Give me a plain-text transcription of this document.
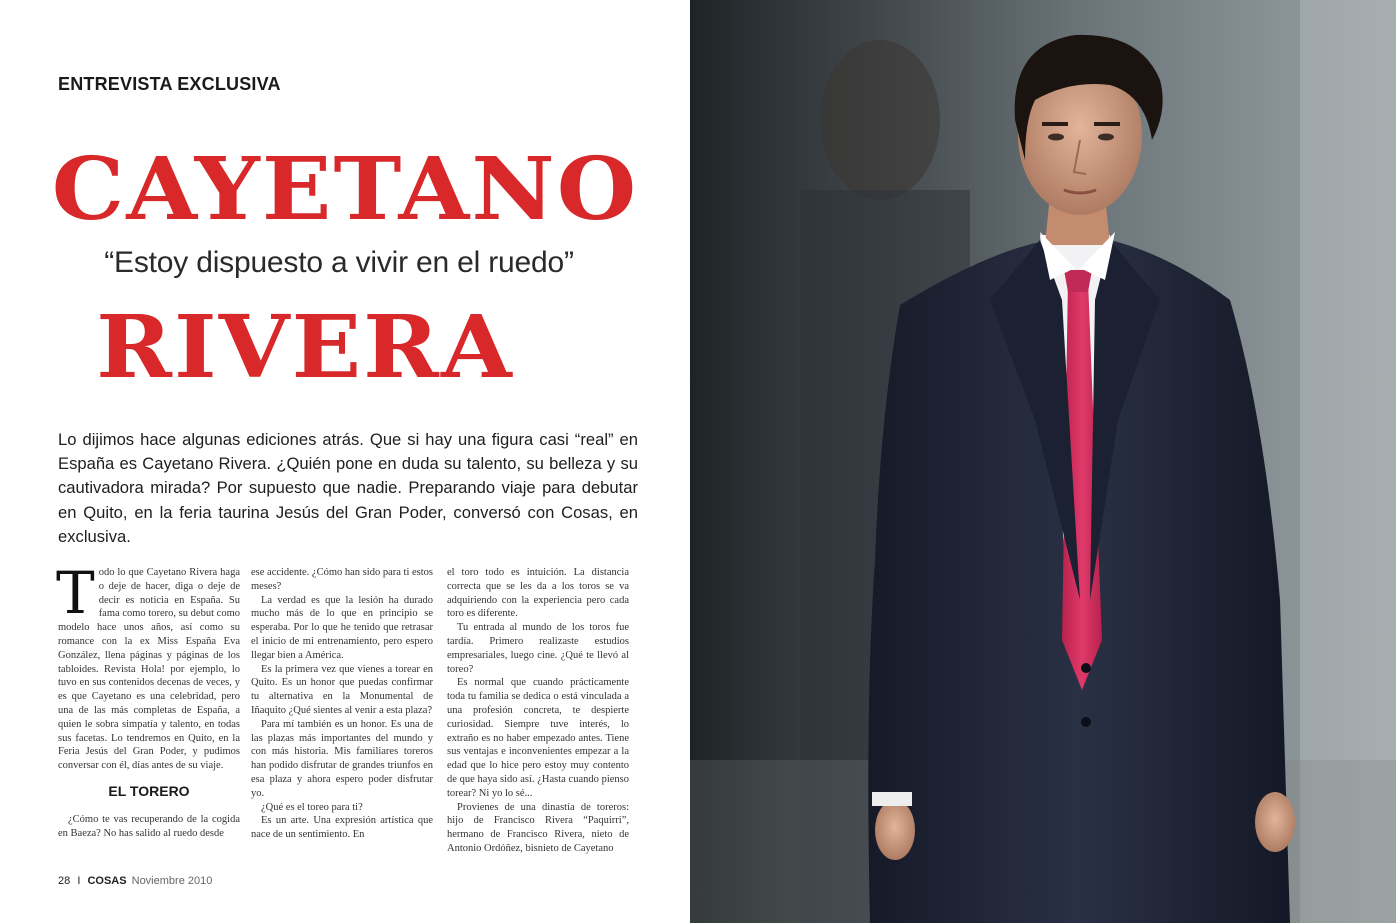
ENTREVISTA EXCLUSIVA
CAYETANO
“Estoy dispuesto a vivir en el ruedo”
RIVERA

Lo dijimos hace algunas ediciones atrás. Que si hay una figura casi “real” en España es Cayetano Rivera. ¿Quién pone en duda su talento, su belleza y su cautivadora mirada? Por supuesto que nadie. Preparando viaje para debutar en Quito, en la feria taurina Jesús del Gran Poder, conversó con Cosas, en exclusiva.

Todo lo que Cayetano Rivera haga o deje de hacer, diga o deje de decir es noticia en España. Su fama como torero, su debut como modelo hace unos años, así como su romance con la ex Miss España Eva González, llena páginas y páginas de los tabloides. Revista Hola! por ejemplo, lo tuvo en sus contenidos decenas de veces, y es que Cayetano es una celebridad, pero una de las más completas de España, a quien le sobra simpatía y talento, en todas sus facetas. Lo tendremos en Quito, en la Feria Jesús del Gran Poder, y pudimos conversar con él, días antes de su viaje.

EL TORERO

¿Cómo te vas recuperando de la cogida en Baeza? No has salido al ruedo desde

ese accidente. ¿Cómo han sido para ti estos meses?

La verdad es que la lesión ha durado mucho más de lo que en principio se esperaba. Por lo que he tenido que retrasar el inicio de mi entrenamiento, pero espero llegar bien a América.

Es la primera vez que vienes a torear en Quito. Es un honor que puedas confirmar tu alternativa en la Monumental de Iñaquito ¿Qué sientes al venir a esta plaza?

Para mí también es un honor. Es una de las plazas más importantes del mundo y con más historia. Mis familiares toreros han podido disfrutar de grandes triunfos en esa plaza y ahora espero poder disfrutar yo.

¿Qué es el toreo para ti?

Es un arte. Una expresión artística que nace de un sentimiento. En

el toro todo es intuición. La distancia correcta que se les da a los toros se va adquiriendo con la experiencia pero cada toro es diferente.

Tu entrada al mundo de los toros fue tardía. Primero realizaste estudios empresariales, luego cine. ¿Qué te llevó al toreo?

Es normal que cuando prácticamente toda tu familia se dedica o está vinculada a una profesión concreta, te despierte curiosidad. Siempre tuve interés, lo extraño es no haber empezado antes. Tiene sus ventajas e inconvenientes empezar a la edad que lo hice pero estoy muy contento de que haya sido así. ¿Hasta cuando pienso torear? Ni yo lo sé...

Provienes de una dinastía de toreros: hijo de Francisco Rivera “Paquirri”, hermano de Francisco Rivera, nieto de Antonio Ordóñez, bisnieto de Cayetano

28 I COSAS Noviembre 2010
